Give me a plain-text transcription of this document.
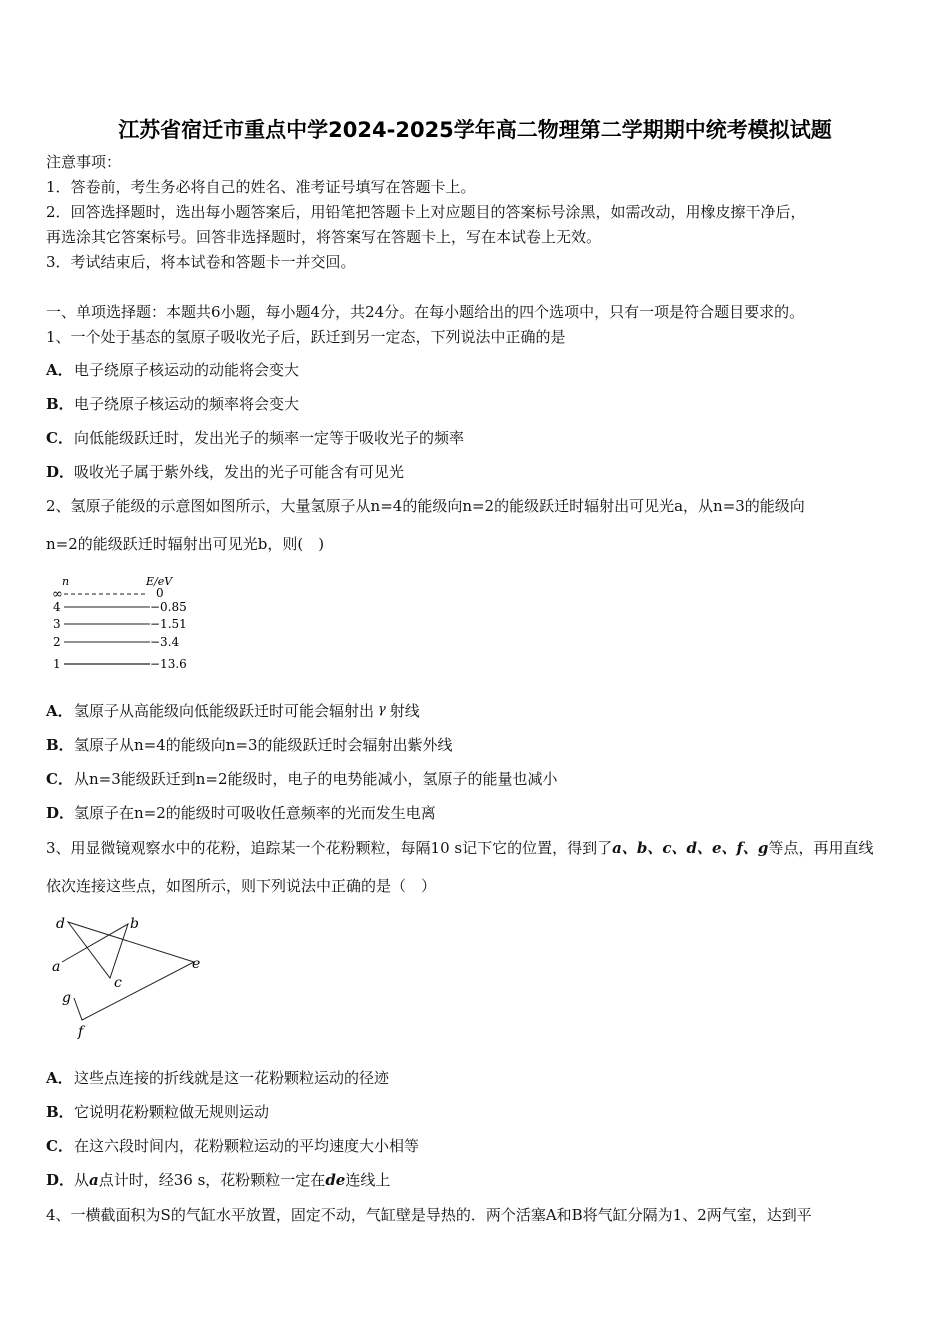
江苏省宿迁市重点中学2024-2025学年高二物理第二学期期中统考模拟试题
注意事项：
1．答卷前，考生务必将自己的姓名、准考证号填写在答题卡上。
2．回答选择题时，选出每小题答案后，用铅笔把答题卡上对应题目的答案标号涂黑，如需改动，用橡皮擦干净后，
再选涂其它答案标号。回答非选择题时，将答案写在答题卡上，写在本试卷上无效。
3．考试结束后，将本试卷和答题卡一并交回。
一、单项选择题：本题共6小题，每小题4分，共24分。在每小题给出的四个选项中，只有一项是符合题目要求的。
1、一个处于基态的氢原子吸收光子后，跃迁到另一定态，下列说法中正确的是
A．电子绕原子核运动的动能将会变大
B．电子绕原子核运动的频率将会变大
C．向低能级跃迁时，发出光子的频率一定等于吸收光子的频率
D．吸收光子属于紫外线，发出的光子可能含有可见光
2、氢原子能级的示意图如图所示，大量氢原子从n=4的能级向n=2的能级跃迁时辐射出可见光a，从n=3的能级向
n=2的能级跃迁时辐射出可见光b，则(　)
n	E/eV
∞	0
4	−0.85
3	−1.51
2	−3.4
1	−13.6
A．氢原子从高能级向低能级跃迁时可能会辐射出 γ 射线
B．氢原子从n=4的能级向n=3的能级跃迁时会辐射出紫外线
C．从n=3能级跃迁到n=2能级时，电子的电势能减小，氢原子的能量也减小
D．氢原子在n=2的能级时可吸收任意频率的光而发生电离
3、用显微镜观察水中的花粉，追踪某一个花粉颗粒，每隔10 s记下它的位置，得到了a、b、c、d、e、f、g等点，再用直线
依次连接这些点，如图所示，则下列说法中正确的是（　）
a
b
c
d
e
f
g
A．这些点连接的折线就是这一花粉颗粒运动的径迹
B．它说明花粉颗粒做无规则运动
C．在这六段时间内，花粉颗粒运动的平均速度大小相等
D．从a点计时，经36 s，花粉颗粒一定在de连线上
4、一横截面积为S的气缸水平放置，固定不动，气缸壁是导热的．两个活塞A和B将气缸分隔为1、2两气室，达到平
